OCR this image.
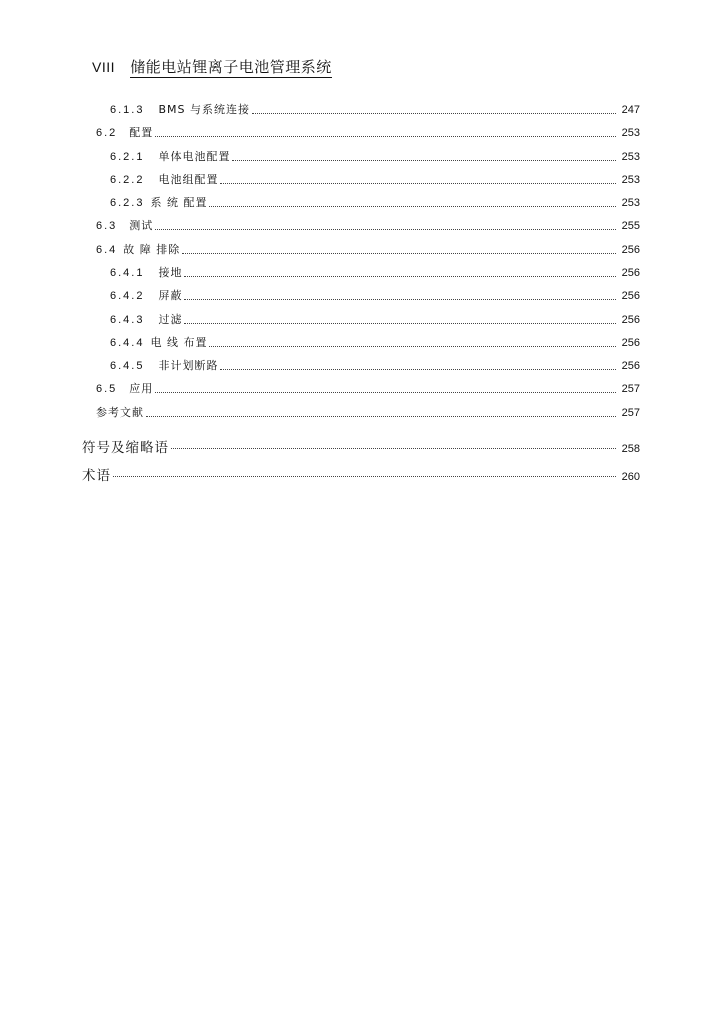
VIII 储能电站锂离子电池管理系统
6.1.3 BMS 与系统连接	247
6.2 配置	253
6.2.1 单体电池配置	253
6.2.2 电池组配置	253
6.2.3 系 统 配置	253
6.3 测试	255
6.4 故 障 排除	256
6.4.1 接地	256
6.4.2 屏蔽	256
6.4.3 过滤	256
6.4.4 电 线 布置	256
6.4.5 非计划断路	256
6.5 应用	257
参考文献	257
符号及缩略语	258
术语	260
